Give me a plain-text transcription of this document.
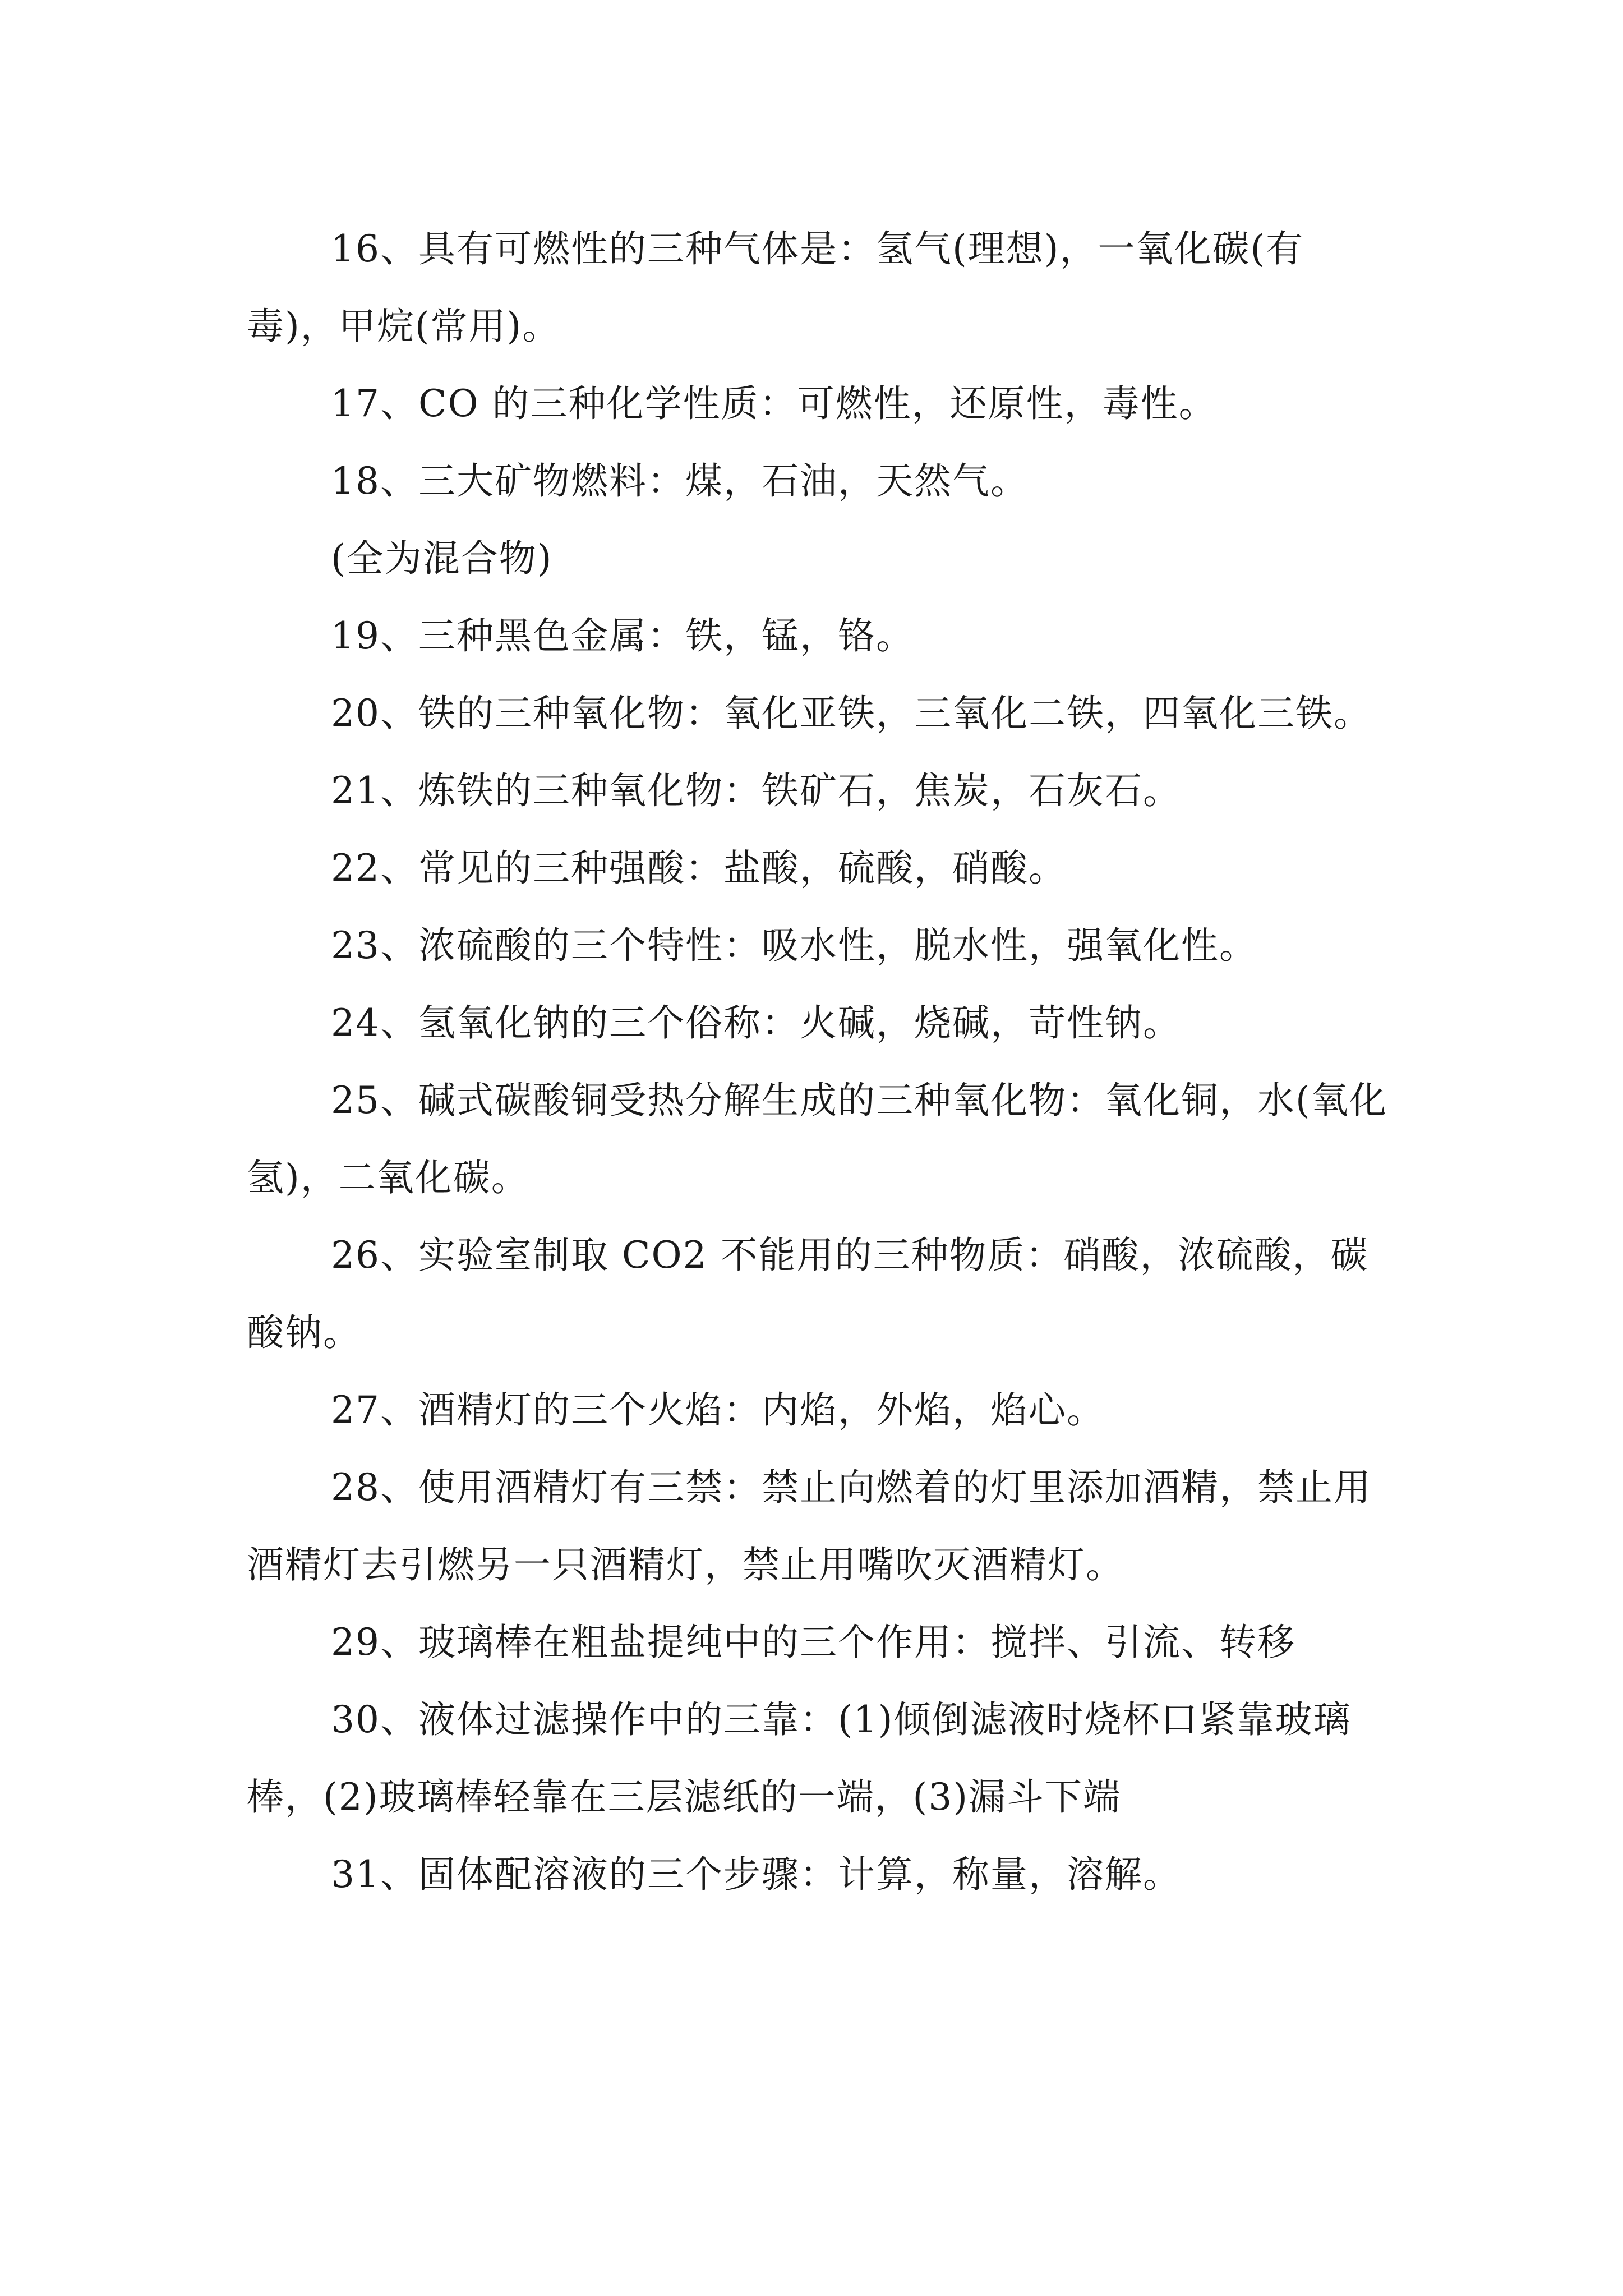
16、具有可燃性的三种气体是：氢气(理想)，一氧化碳(有毒)，甲烷(常用)。

17、CO 的三种化学性质：可燃性，还原性，毒性。

18、三大矿物燃料：煤，石油，天然气。

(全为混合物)

19、三种黑色金属：铁，锰，铬。

20、铁的三种氧化物：氧化亚铁，三氧化二铁，四氧化三铁。

21、炼铁的三种氧化物：铁矿石，焦炭，石灰石。

22、常见的三种强酸：盐酸，硫酸，硝酸。

23、浓硫酸的三个特性：吸水性，脱水性，强氧化性。

24、氢氧化钠的三个俗称：火碱，烧碱，苛性钠。

25、碱式碳酸铜受热分解生成的三种氧化物：氧化铜，水(氧化氢)，二氧化碳。

26、实验室制取 CO2 不能用的三种物质：硝酸，浓硫酸，碳酸钠。

27、酒精灯的三个火焰：内焰，外焰，焰心。

28、使用酒精灯有三禁：禁止向燃着的灯里添加酒精，禁止用酒精灯去引燃另一只酒精灯，禁止用嘴吹灭酒精灯。

29、玻璃棒在粗盐提纯中的三个作用：搅拌、引流、转移

30、液体过滤操作中的三靠：(1)倾倒滤液时烧杯口紧靠玻璃棒，(2)玻璃棒轻靠在三层滤纸的一端，(3)漏斗下端

31、固体配溶液的三个步骤：计算，称量，溶解。
